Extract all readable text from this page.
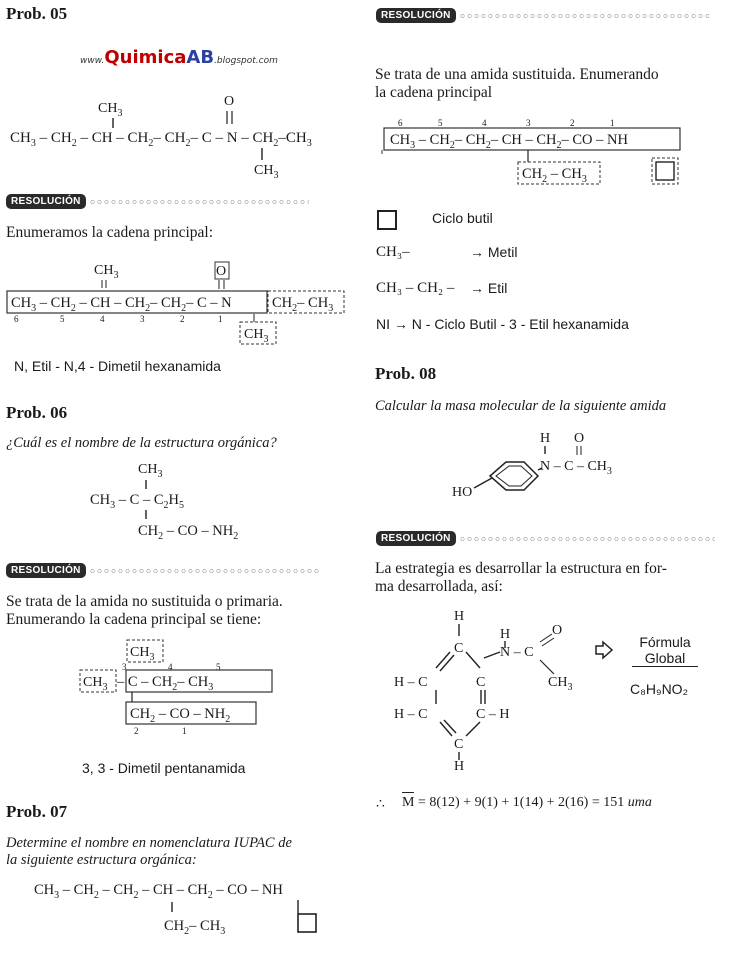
Prob. 05
www.QuimicaAB.blogspot.com
$CH_3$
O
$CH_3 - CH_2$ – CH – $CH_2-$ $CH_2-$ C – N – $CH_2-CH_3$
$CH_3$
RESOLUCIÓN
Enumeramos la cadena principal:
$CH_3$	O
$CH_3 - CH_2$ – CH – $CH_2-$ $CH_2-$ C – N	$CH_2-$ $CH_3$
$CH_3$
6	5	4	3	2	1
N, Etil - N,4 - Dimetil hexanamida
Prob. 06
¿Cuál es el nombre de la estructura orgánica?
$CH_3$
$CH_3$ – C – $C_2H_5$
$CH_2$ – CO – $NH_2$
RESOLUCIÓN
Se trata de la amida no sustituida o primaria.
Enumerando la cadena principal se tiene:
$CH_3$
3	4	5
$CH_3$ – C – $CH_2-$ $CH_3$
$CH_2$ – CO – $NH_2$
2	1
3, 3 - Dimetil pentanamida
Prob. 07
Determine el nombre en nomenclatura IUPAC de
la siguiente estructura orgánica:
$CH_3 - CH_2 - CH_2$ – CH – $CH_2$ – CO – NH
$CH_2-$ $CH_3$
RESOLUCIÓN
Se trata de una amida sustituida. Enumerando
la cadena principal
6	5	4	3	2	1
$CH_3 - CH_2-$ $CH_2-$ CH – $CH_2-$ CO – NH
$CH_2 - CH_3$
Ciclo butil
CH₃–	→ Metil
CH₃ – CH₂ – → Etil
NI → N - Ciclo Butil - 3 - Etil hexanamida
Prob. 08
Calcular la masa molecular de la siguiente amida
HO
H
N – C – $CH_3$
O
RESOLUCIÓN
La estrategia es desarrollar la estructura en for-
ma desarrollada, así:
H
C
H
N – C
O
$CH_3$
H – C	C
H – C	C – H
C
H
Fórmula
Global
C₈H₉NO₂
∴ M = 8(12) + 9(1) + 1(14) + 2(16) = 151 uma
